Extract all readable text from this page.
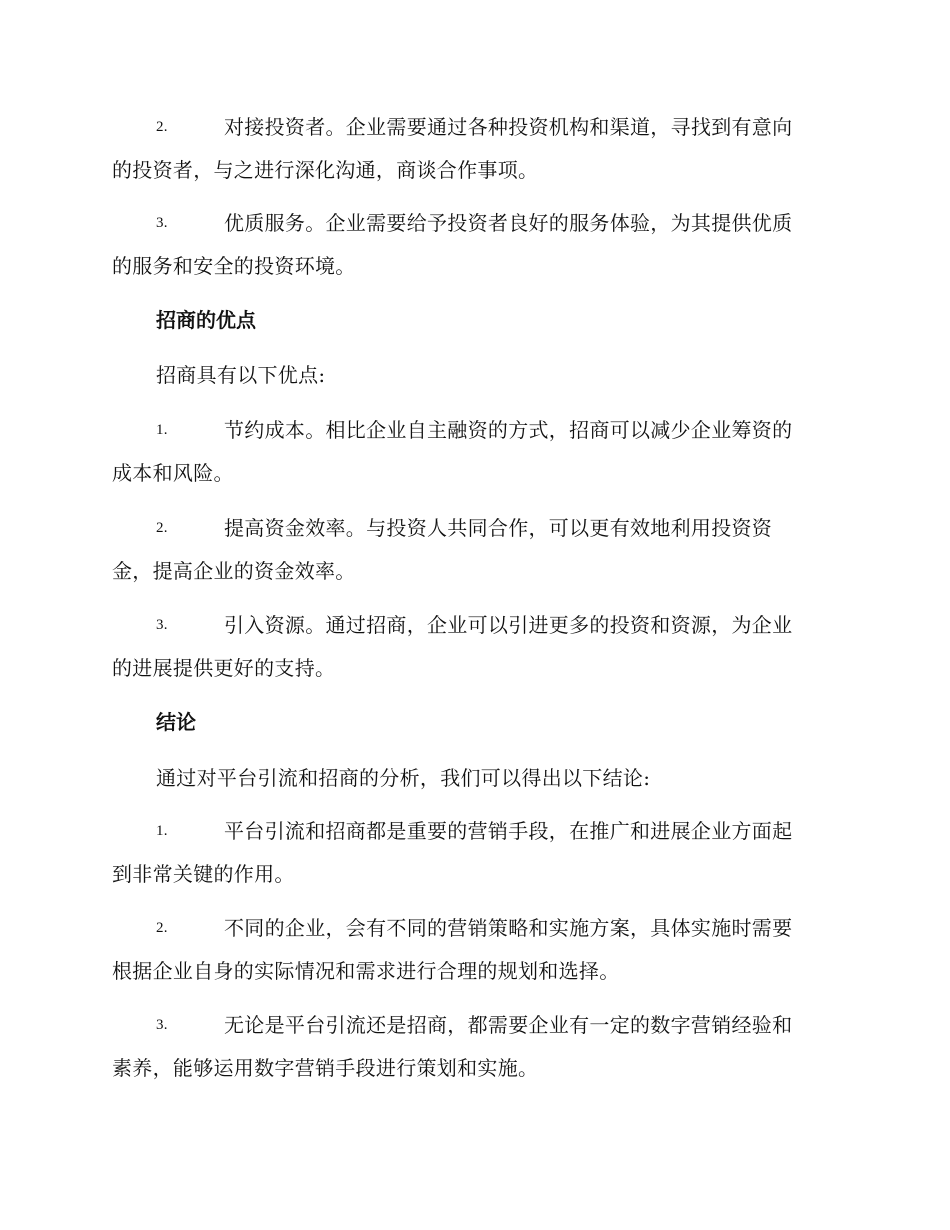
2.	对接投资者。企业需要通过各种投资机构和渠道，寻找到有意向
的投资者，与之进行深化沟通，商谈合作事项。
3.	优质服务。企业需要给予投资者良好的服务体验，为其提供优质
的服务和安全的投资环境。
招商的优点

招商具有以下优点:

1.	节约成本。相比企业自主融资的方式，招商可以减少企业筹资的
成本和风险。
2.	提高资金效率。与投资人共同合作，可以更有效地利用投资资
金，提高企业的资金效率。
3.	引入资源。通过招商，企业可以引进更多的投资和资源，为企业
的进展提供更好的支持。
结论

通过对平台引流和招商的分析，我们可以得出以下结论:

1.	平台引流和招商都是重要的营销手段，在推广和进展企业方面起
到非常关键的作用。
2.	不同的企业，会有不同的营销策略和实施方案，具体实施时需要
根据企业自身的实际情况和需求进行合理的规划和选择。
3.	无论是平台引流还是招商，都需要企业有一定的数字营销经验和
素养，能够运用数字营销手段进行策划和实施。
